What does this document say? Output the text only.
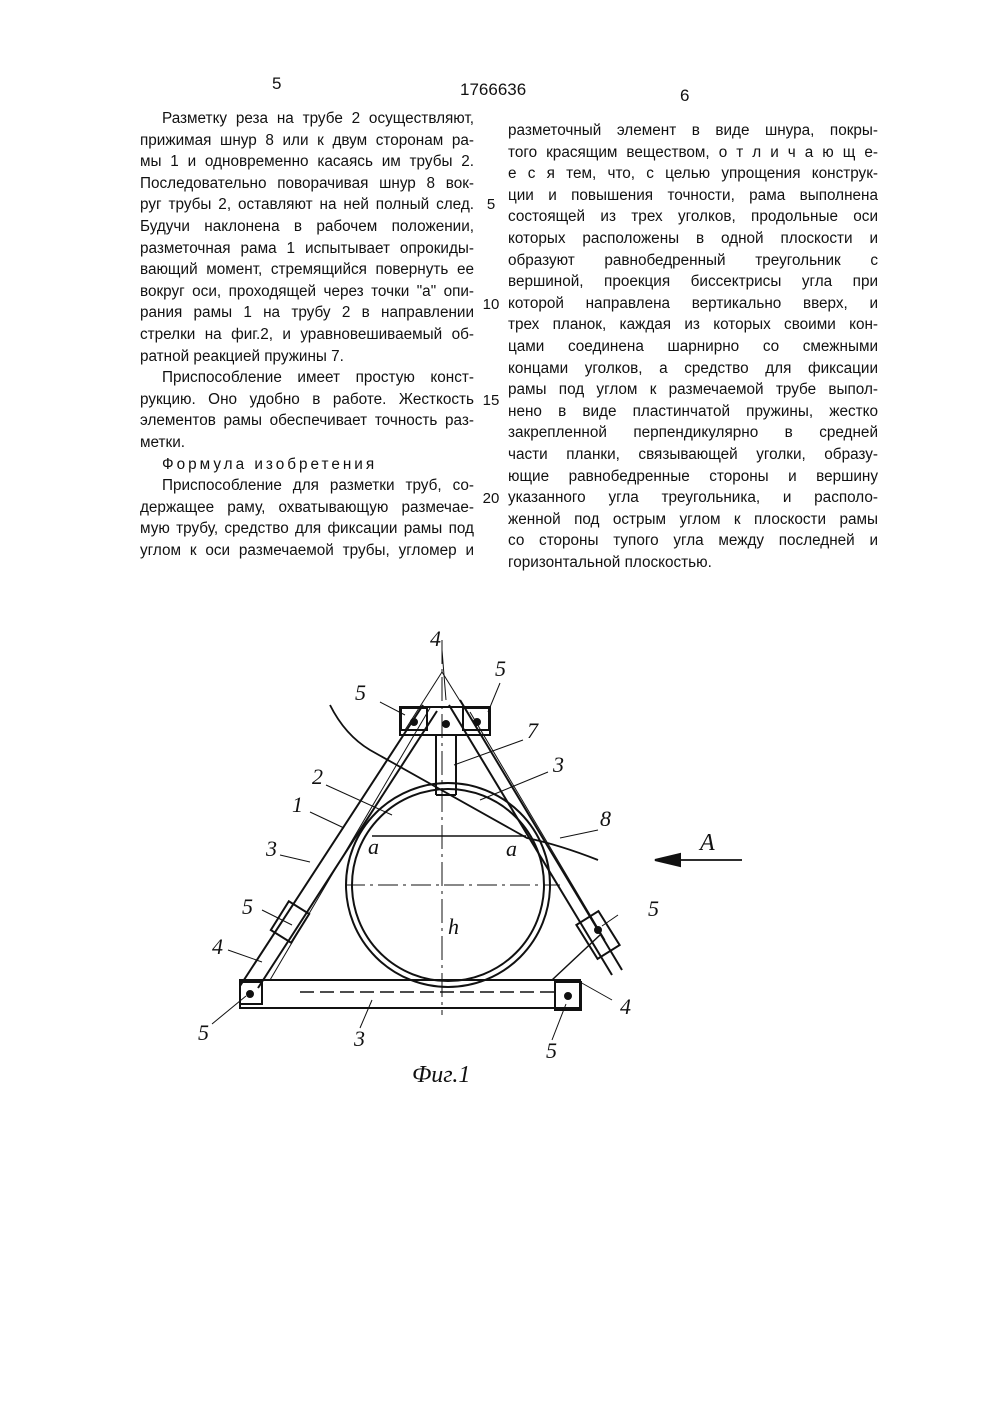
5	1766636	6
Разметку реза на трубе 2 осуществляют,
прижимая шнур 8 или к двум сторонам ра-
мы 1 и одновременно касаясь им трубы 2.
Последовательно поворачивая шнур 8 вок-
руг трубы 2, оставляют на ней полный след.
Будучи наклонена в рабочем положении,
разметочная рама 1 испытывает опрокиды-
вающий момент, стремящийся повернуть ее
вокруг оси, проходящей через точки "а" опи-
рания рамы 1 на трубу 2 в направлении
стрелки на фиг.2, и уравновешиваемый об-
ратной реакцией пружины 7.
Приспособление имеет простую конст-
рукцию. Оно удобно в работе. Жесткость
элементов рамы обеспечивает точность раз-
метки.
Формула изобретения
Приспособление для разметки труб, со-
держащее раму, охватывающую размечае-
мую трубу, средство для фиксации рамы под
углом к оси размечаемой трубы, угломер и
5
10
15
20
разметочный элемент в виде шнура, покры-
того красящим веществом, о т л и ч а ю щ е-
е с я тем, что, с целью упрощения конструк-
ции и повышения точности, рама выполнена
состоящей из трех уголков, продольные оси
которых расположены в одной плоскости и
образуют равнобедренный треугольник с
вершиной, проекция биссектрисы угла при
которой направлена вертикально вверх, и
трех планок, каждая из которых своими кон-
цами соединена шарнирно со смежными
концами уголков, а средство для фиксации
рамы под углом к размечаемой трубе выпол-
нено в виде пластинчатой пружины, жестко
закрепленной перпендикулярно в средней
части планки, связывающей уголки, образу-
ющие равнобедренные стороны и вершину
указанного угла треугольника, и располо-
женной под острым углом к плоскости рамы
со стороны тупого угла между последней и
горизонтальной плоскостью.
4
5
5
7
2	3
1
8
3	a	a	A
5	5
h
4
4
5	3	5
Фиг.1
